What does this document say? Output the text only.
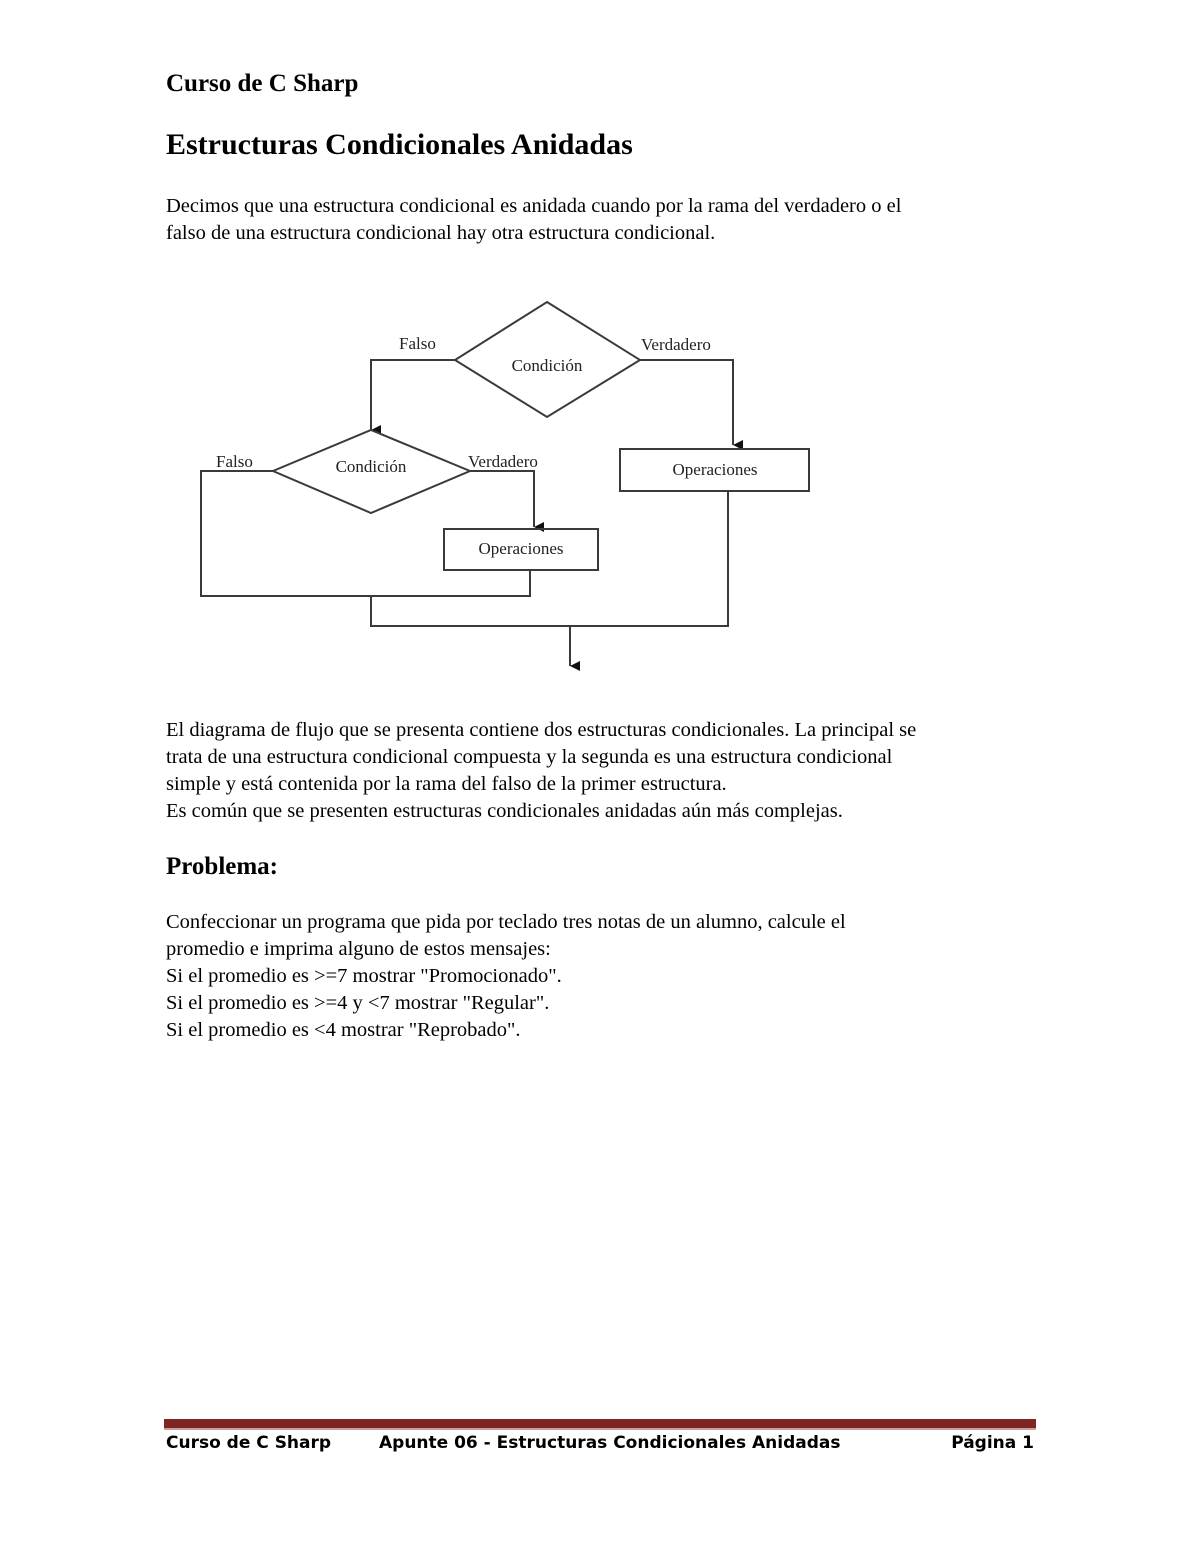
Curso de C Sharp
Estructuras Condicionales Anidadas
Decimos que una estructura condicional es anidada cuando por la rama del verdadero o el
falso de una estructura condicional hay otra estructura condicional.
Condición
Falso	Verdadero
Operaciones
Condición
Falso	Verdadero
Operaciones
El diagrama de flujo que se presenta contiene dos estructuras condicionales. La principal se
trata de una estructura condicional compuesta y la segunda es una estructura condicional
simple y está contenida por la rama del falso de la primer estructura.
Es común que se presenten estructuras condicionales anidadas aún más complejas.
Problema:
Confeccionar un programa que pida por teclado tres notas de un alumno, calcule el
promedio e imprima alguno de estos mensajes:
Si el promedio es >=7 mostrar "Promocionado".
Si el promedio es >=4 y <7 mostrar "Regular".
Si el promedio es <4 mostrar "Reprobado".
Curso de C Sharp	Apunte 06 - Estructuras Condicionales Anidadas	Página 1
